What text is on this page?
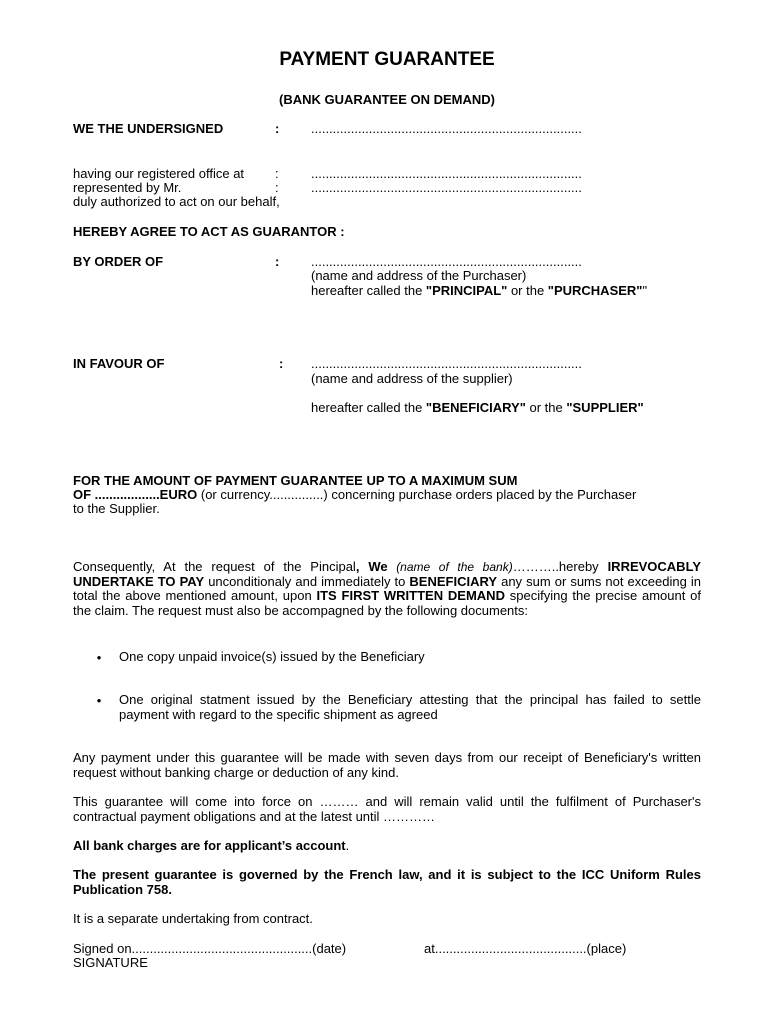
PAYMENT GUARANTEE
(BANK GUARANTEE ON DEMAND)
WE THE UNDERSIGNED	: ...........................................................................
having our registered office at : ...........................................................................
represented by Mr.	: ...........................................................................
duly authorized to act on our behalf,
HEREBY AGREE TO ACT AS GUARANTOR :
BY ORDER OF	: ...........................................................................
(name and address of the Purchaser)
hereafter called the "PRINCIPAL" or the "PURCHASER""
IN FAVOUR OF	: ...........................................................................
(name and address of the supplier)
hereafter called the "BENEFICIARY" or the "SUPPLIER"
FOR THE AMOUNT OF PAYMENT GUARANTEE UP TO A MAXIMUM SUM
OF ..................EURO (or currency...............) concerning purchase orders placed by the Purchaser
to the Supplier.
Consequently, At the request of the Pincipal, We (name of the bank)………..hereby IRREVOCABLY UNDERTAKE TO PAY unconditionaly and immediately to BENEFICIARY any sum or sums not exceeding in total the above mentioned amount, upon ITS FIRST WRITTEN DEMAND specifying the precise amount of the claim. The request must also be accompagned by the following documents:
• One copy unpaid invoice(s) issued by the Beneficiary
• One original statment issued by the Beneficiary attesting that the principal has failed to settle payment with regard to the specific shipment as agreed
Any payment under this guarantee will be made with seven days from our receipt of Beneficiary's written request without banking charge or deduction of any kind.
This guarantee will come into force on ……… and will remain valid until the fulfilment of Purchaser's contractual payment obligations and at the latest until …………
All bank charges are for applicant’s account.
The present guarantee is governed by the French law, and it is subject to the ICC Uniform Rules Publication 758.
It is a separate undertaking from contract.
Signed on..................................................(date)	at..........................................(place)
SIGNATURE
